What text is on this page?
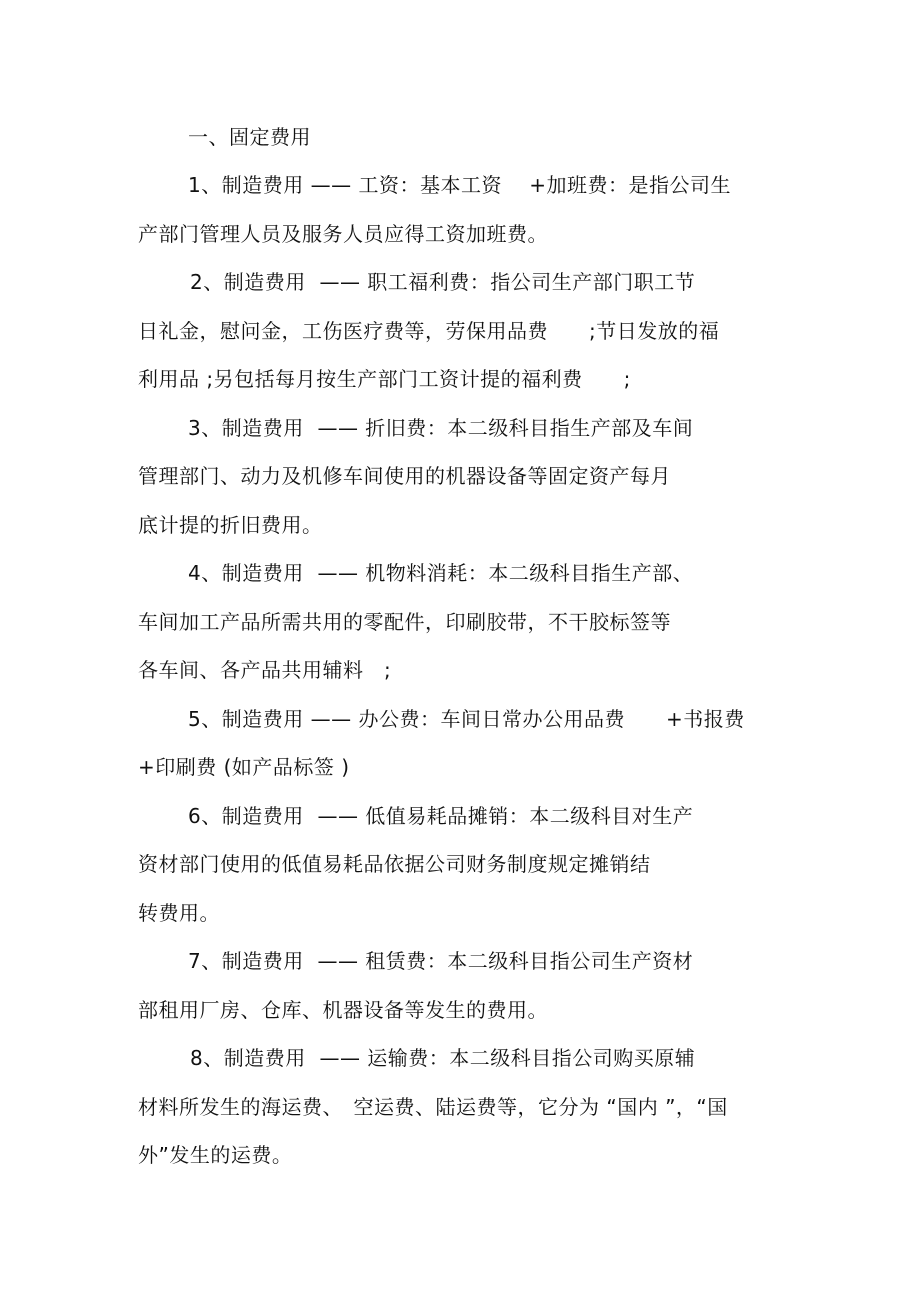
一、固定费用
1、制造费用 —— 工资：基本工资　 +加班费：是指公司生
产部门管理人员及服务人员应得工资加班费。
2、制造费用  —— 职工福利费：指公司生产部门职工节
日礼金，慰问金，工伤医疗费等，劳保用品费　　;节日发放的福
利用品 ;另包括每月按生产部门工资计提的福利费　　;
3、制造费用  —— 折旧费：本二级科目指生产部及车间
管理部门、动力及机修车间使用的机器设备等固定资产每月
底计提的折旧费用。
4、制造费用  —— 机物料消耗：本二级科目指生产部、
车间加工产品所需共用的零配件，印刷胶带，不干胶标签等
各车间、各产品共用辅料　;
5、制造费用 —— 办公费：车间日常办公用品费　　+书报费
+印刷费 (如产品标签 )
6、制造费用  —— 低值易耗品摊销：本二级科目对生产
资材部门使用的低值易耗品依据公司财务制度规定摊销结
转费用。
7、制造费用  —— 租赁费：本二级科目指公司生产资材
部租用厂房、仓库、机器设备等发生的费用。
8、制造费用  —— 运输费：本二级科目指公司购买原辅
材料所发生的海运费、　空运费、陆运费等，它分为 “国内 ”，“国
外”发生的运费。
